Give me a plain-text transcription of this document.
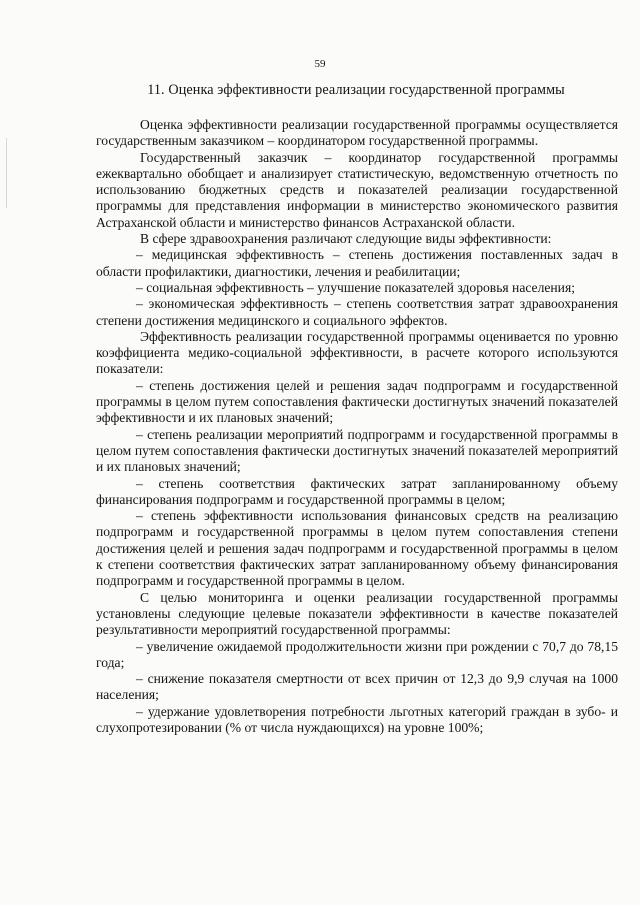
59
11. Оценка эффективности реализации государственной программы

Оценка эффективности реализации государственной программы осуществляется государственным заказчиком – координатором государственной программы.

Государственный заказчик – координатор государственной программы ежеквартально обобщает и анализирует статистическую, ведомственную отчетность по использованию бюджетных средств и показателей реализации государственной программы для представления информации в министерство экономического развития Астраханской области и министерство финансов Астраханской области.

В сфере здравоохранения различают следующие виды эффективности:

– медицинская эффективность – степень достижения поставленных задач в области профилактики, диагностики, лечения и реабилитации;

– социальная эффективность – улучшение показателей здоровья населения;

– экономическая эффективность – степень соответствия затрат здравоохранения степени достижения медицинского и социального эффектов.

Эффективность реализации государственной программы оценивается по уровню коэффициента медико-социальной эффективности, в расчете которого используются показатели:

– степень достижения целей и решения задач подпрограмм и государственной программы в целом путем сопоставления фактически достигнутых значений показателей эффективности и их плановых значений;

– степень реализации мероприятий подпрограмм и государственной программы в целом путем сопоставления фактически достигнутых значений показателей мероприятий и их плановых значений;

– степень соответствия фактических затрат запланированному объему финансирования подпрограмм и государственной программы в целом;

– степень эффективности использования финансовых средств на реализацию подпрограмм и государственной программы в целом путем сопоставления степени достижения целей и решения задач подпрограмм и государственной программы в целом к степени соответствия фактических затрат запланированному объему финансирования подпрограмм и государственной программы в целом.

С целью мониторинга и оценки реализации государственной программы установлены следующие целевые показатели эффективности в качестве показателей результативности мероприятий государственной программы:

– увеличение ожидаемой продолжительности жизни при рождении с 70,7 до 78,15 года;

– снижение показателя смертности от всех причин от 12,3 до 9,9 случая на 1000 населения;

– удержание удовлетворения потребности льготных категорий граждан в зубо- и слухопротезировании (% от числа нуждающихся) на уровне 100%;
